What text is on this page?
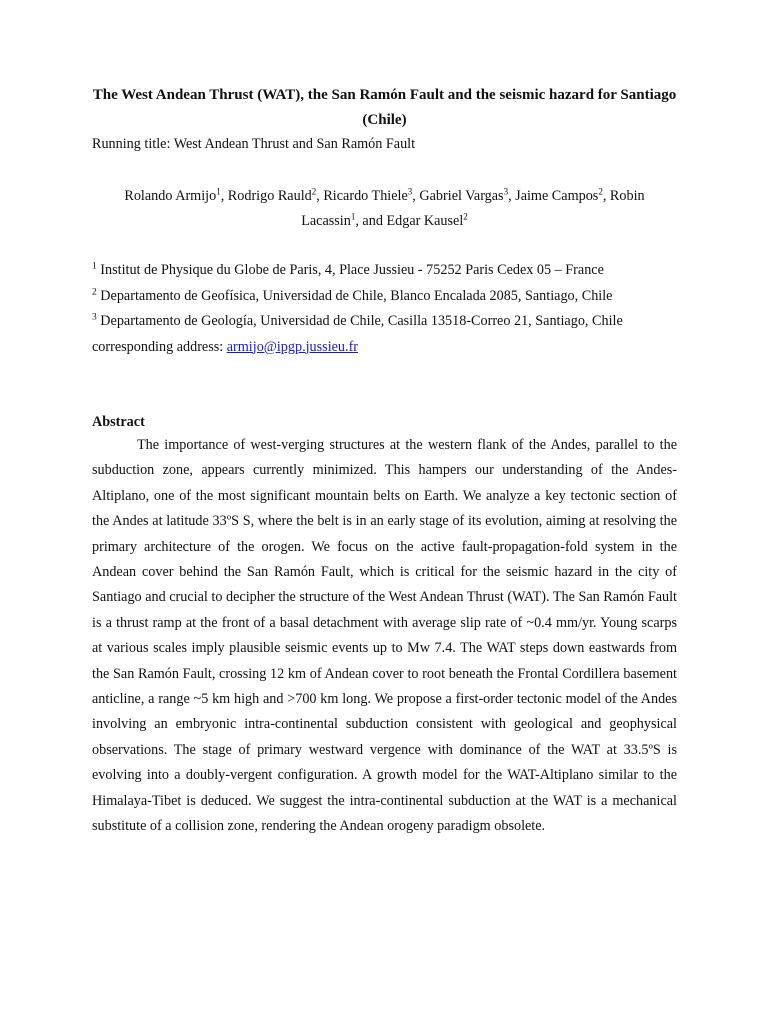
The West Andean Thrust (WAT), the San Ramón Fault and the seismic hazard for Santiago (Chile)
Running title: West Andean Thrust and San Ramón Fault
Rolando Armijo$^1$, Rodrigo Rauld$^2$, Ricardo Thiele$^3$, Gabriel Vargas$^3$, Jaime Campos$^2$, Robin
Lacassin$^1$, and Edgar Kausel$^2$
$^1$ Institut de Physique du Globe de Paris, 4, Place Jussieu - 75252 Paris Cedex 05 – France
$^2$ Departamento de Geofísica, Universidad de Chile, Blanco Encalada 2085, Santiago, Chile
$^3$ Departamento de Geología, Universidad de Chile, Casilla 13518-Correo 21, Santiago, Chile
corresponding address: armijo@ipgp.jussieu.fr
Abstract

The importance of west-verging structures at the western flank of the Andes, parallel to the subduction zone, appears currently minimized. This hampers our understanding of the Andes-Altiplano, one of the most significant mountain belts on Earth. We analyze a key tectonic section of the Andes at latitude 33ºS S, where the belt is in an early stage of its evolution, aiming at resolving the primary architecture of the orogen. We focus on the active fault-propagation-fold system in the Andean cover behind the San Ramón Fault, which is critical for the seismic hazard in the city of Santiago and crucial to decipher the structure of the West Andean Thrust (WAT). The San Ramón Fault is a thrust ramp at the front of a basal detachment with average slip rate of ~0.4 mm/yr. Young scarps at various scales imply plausible seismic events up to Mw 7.4. The WAT steps down eastwards from the San Ramón Fault, crossing 12 km of Andean cover to root beneath the Frontal Cordillera basement anticline, a range ~5 km high and >700 km long. We propose a first-order tectonic model of the Andes involving an embryonic intra-continental subduction consistent with geological and geophysical observations. The stage of primary westward vergence with dominance of the WAT at 33.5ºS is evolving into a doubly-vergent configuration. A growth model for the WAT-Altiplano similar to the Himalaya-Tibet is deduced. We suggest the intra-continental subduction at the WAT is a mechanical substitute of a collision zone, rendering the Andean orogeny paradigm obsolete.
